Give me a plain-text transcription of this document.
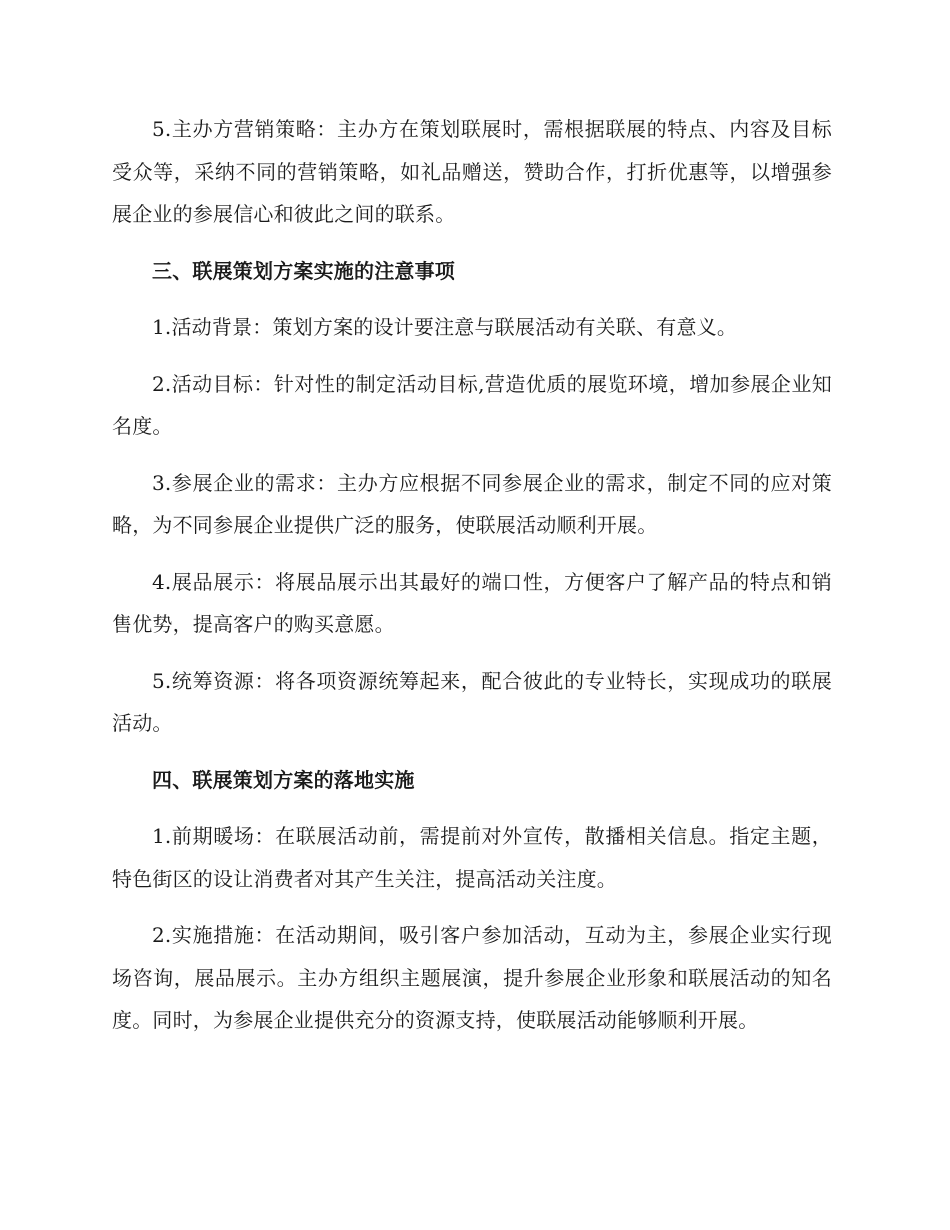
5.主办方营销策略：主办方在策划联展时，需根据联展的特点、内容及目标受众等，采纳不同的营销策略，如礼品赠送，赞助合作，打折优惠等，以增强参展企业的参展信心和彼此之间的联系。

三、联展策划方案实施的注意事项

1.活动背景：策划方案的设计要注意与联展活动有关联、有意义。

2.活动目标：针对性的制定活动目标,营造优质的展览环境，增加参展企业知名度。

3.参展企业的需求：主办方应根据不同参展企业的需求，制定不同的应对策略，为不同参展企业提供广泛的服务，使联展活动顺利开展。

4.展品展示：将展品展示出其最好的端口性，方便客户了解产品的特点和销售优势，提高客户的购买意愿。

5.统筹资源：将各项资源统筹起来，配合彼此的专业特长，实现成功的联展活动。

四、联展策划方案的落地实施

1.前期暖场：在联展活动前，需提前对外宣传，散播相关信息。指定主题，特色街区的设让消费者对其产生关注，提高活动关注度。

2.实施措施：在活动期间，吸引客户参加活动，互动为主，参展企业实行现场咨询，展品展示。主办方组织主题展演，提升参展企业形象和联展活动的知名度。同时，为参展企业提供充分的资源支持，使联展活动能够顺利开展。
